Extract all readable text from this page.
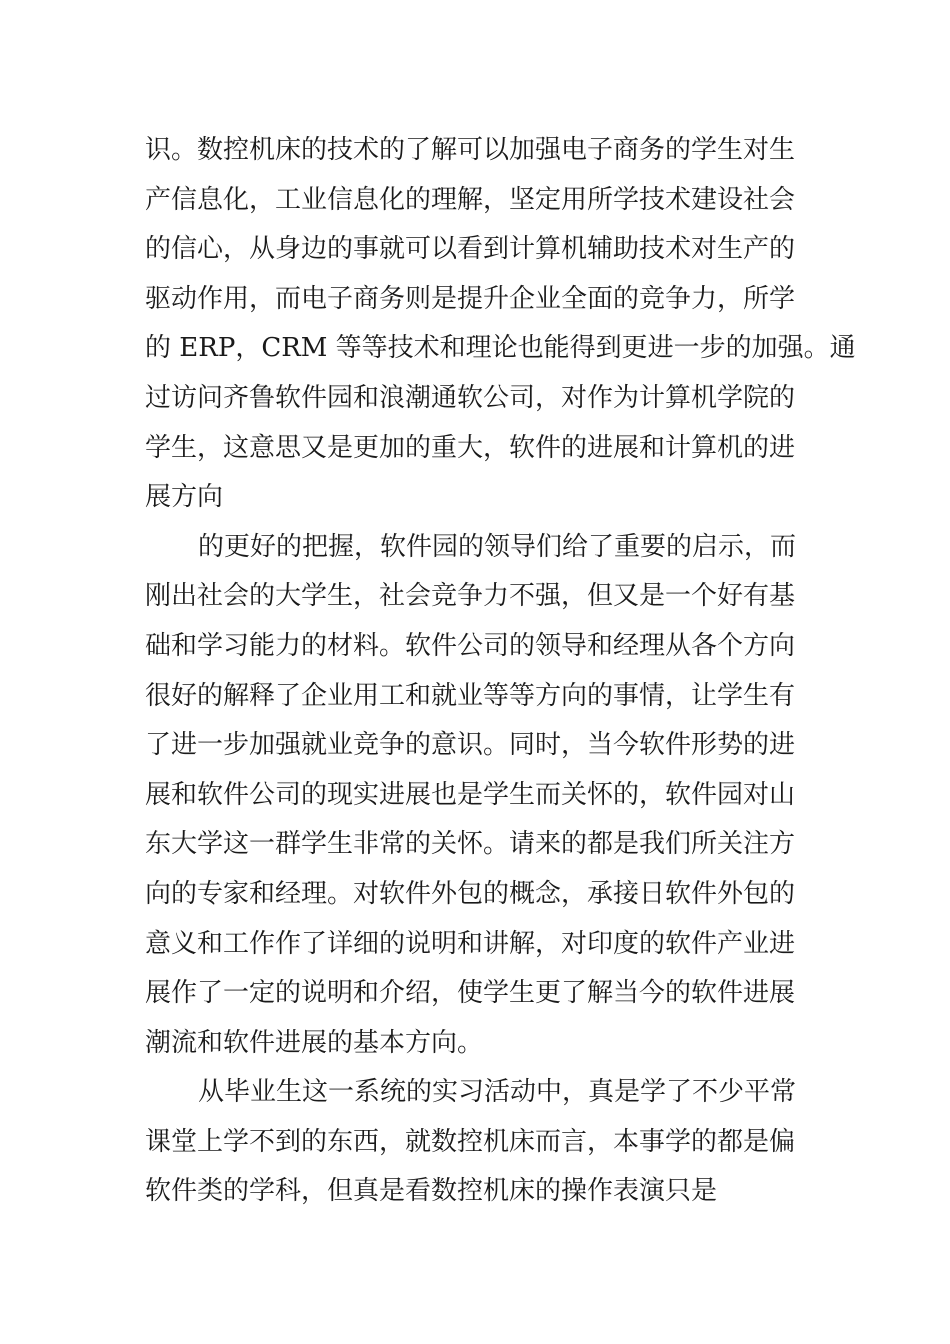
识。数控机床的技术的了解可以加强电子商务的学生对生
产信息化，工业信息化的理解，坚定用所学技术建设社会
的信心，从身边的事就可以看到计算机辅助技术对生产的
驱动作用，而电子商务则是提升企业全面的竞争力，所学
的 ERP，CRM 等等技术和理论也能得到更进一步的加强。通
过访问齐鲁软件园和浪潮通软公司，对作为计算机学院的
学生，这意思又是更加的重大，软件的进展和计算机的进
展方向
的更好的把握，软件园的领导们给了重要的启示，而
刚出社会的大学生，社会竞争力不强，但又是一个好有基
础和学习能力的材料。软件公司的领导和经理从各个方向
很好的解释了企业用工和就业等等方向的事情，让学生有
了进一步加强就业竞争的意识。同时，当今软件形势的进
展和软件公司的现实进展也是学生而关怀的，软件园对山
东大学这一群学生非常的关怀。请来的都是我们所关注方
向的专家和经理。对软件外包的概念，承接日软件外包的
意义和工作作了详细的说明和讲解，对印度的软件产业进
展作了一定的说明和介绍，使学生更了解当今的软件进展
潮流和软件进展的基本方向。
从毕业生这一系统的实习活动中，真是学了不少平常
课堂上学不到的东西，就数控机床而言，本事学的都是偏
软件类的学科，但真是看数控机床的操作表演只是
